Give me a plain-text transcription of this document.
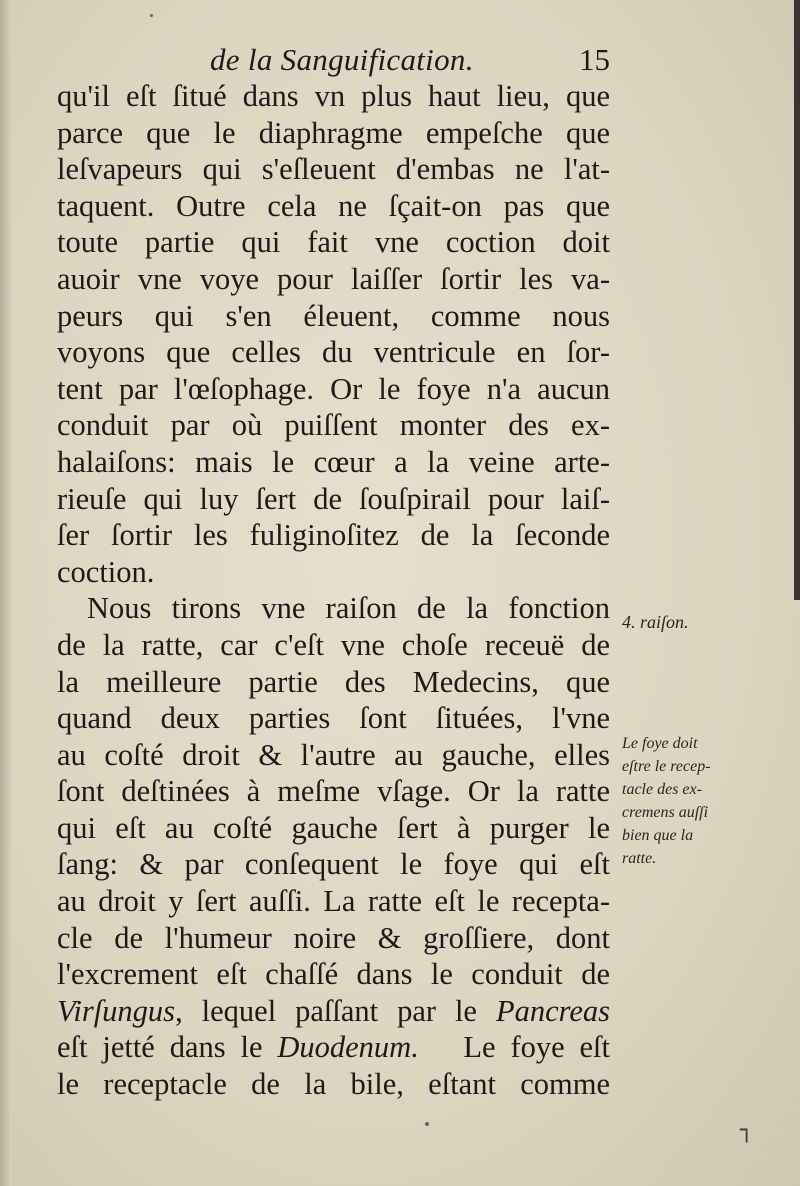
de la Sanguification.	15
qu'il eſt ſitué dans vn plus haut lieu, que
parce que le diaphragme empeſche que
leſvapeurs qui s'eſleuent d'embas ne l'at-
taquent. Outre cela ne ſçait-on pas que
toute partie qui fait vne coction doit
auoir vne voye pour laiſſer ſortir les va-
peurs qui s'en éleuent, comme nous
voyons que celles du ventricule en ſor-
tent par l'œſophage. Or le foye n'a aucun
conduit par où puiſſent monter des ex-
halaiſons: mais le cœur a la veine arte-
rieuſe qui luy ſert de ſouſpirail pour laiſ-
ſer ſortir les fuliginoſitez de la ſeconde
coction.
Nous tirons vne raiſon de la fonction
de la ratte, car c'eſt vne choſe receuë de
la meilleure partie des Medecins, que
quand deux parties ſont ſituées, l'vne
au coſté droit & l'autre au gauche, elles
ſont deſtinées à meſme vſage. Or la ratte
qui eſt au coſté gauche ſert à purger le
ſang: & par conſequent le foye qui eſt
au droit y ſert auſſi. La ratte eſt le recepta-
cle de l'humeur noire & groſſiere, dont
l'excrement eſt chaſſé dans le conduit de
Virſungus, lequel paſſant par le Pancreas
eſt jetté dans le Duodenum.   Le foye eſt
le receptacle de la bile, eſtant comme
4. raiſon.
Le foye doit
eſtre le recep-
tacle des ex-
cremens auſſi
bien que la
ratte.
┐
